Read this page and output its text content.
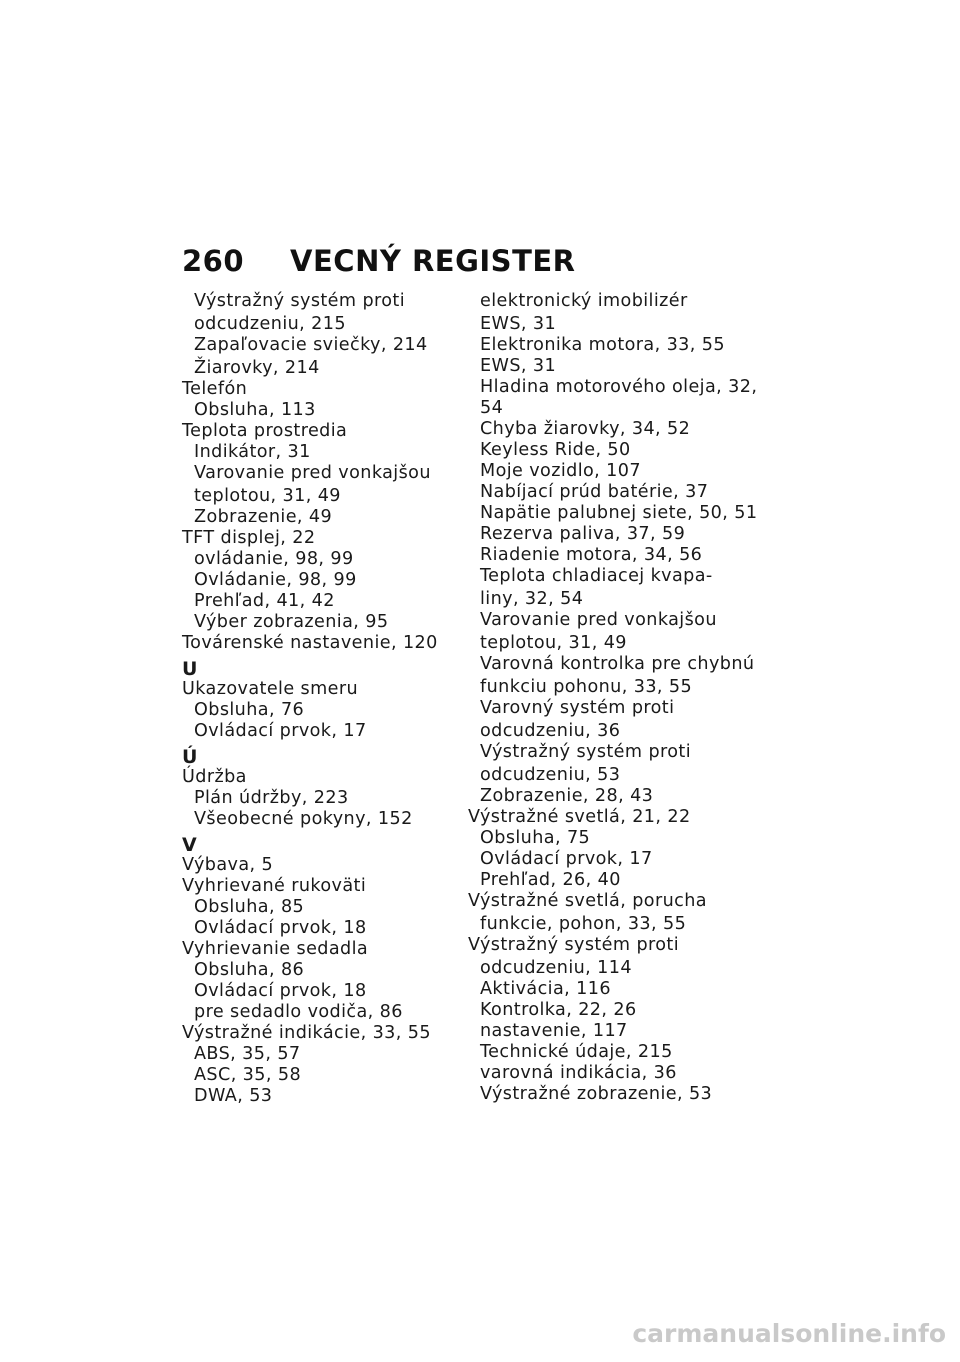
260 VECNÝ REGISTER
Výstražný systém proti
odcudzeniu, 215
Zapaľovacie sviečky, 214
Žiarovky, 214
Telefón
Obsluha, 113
Teplota prostredia
Indikátor, 31
Varovanie pred vonkajšou
teplotou, 31, 49
Zobrazenie, 49
TFT displej, 22
ovládanie, 98, 99
Ovládanie, 98, 99
Prehľad, 41, 42
Výber zobrazenia, 95
Továrenské nastavenie, 120
U
Ukazovatele smeru
Obsluha, 76
Ovládací prvok, 17
Ú
Údržba
Plán údržby, 223
Všeobecné pokyny, 152
V
Výbava, 5
Vyhrievané rukoväti
Obsluha, 85
Ovládací prvok, 18
Vyhrievanie sedadla
Obsluha, 86
Ovládací prvok, 18
pre sedadlo vodiča, 86
Výstražné indikácie, 33, 55
ABS, 35, 57
ASC, 35, 58
DWA, 53
elektronický imobilizér
EWS, 31
Elektronika motora, 33, 55
EWS, 31
Hladina motorového oleja, 32,
54
Chyba žiarovky, 34, 52
Keyless Ride, 50
Moje vozidlo, 107
Nabíjací prúd batérie, 37
Napätie palubnej siete, 50, 51
Rezerva paliva, 37, 59
Riadenie motora, 34, 56
Teplota chladiacej kvapa-
liny, 32, 54
Varovanie pred vonkajšou
teplotou, 31, 49
Varovná kontrolka pre chybnú
funkciu pohonu, 33, 55
Varovný systém proti
odcudzeniu, 36
Výstražný systém proti
odcudzeniu, 53
Zobrazenie, 28, 43
Výstražné svetlá, 21, 22
Obsluha, 75
Ovládací prvok, 17
Prehľad, 26, 40
Výstražné svetlá, porucha
funkcie, pohon, 33, 55
Výstražný systém proti
odcudzeniu, 114
Aktivácia, 116
Kontrolka, 22, 26
nastavenie, 117
Technické údaje, 215
varovná indikácia, 36
Výstražné zobrazenie, 53
carmanualsonline.info
